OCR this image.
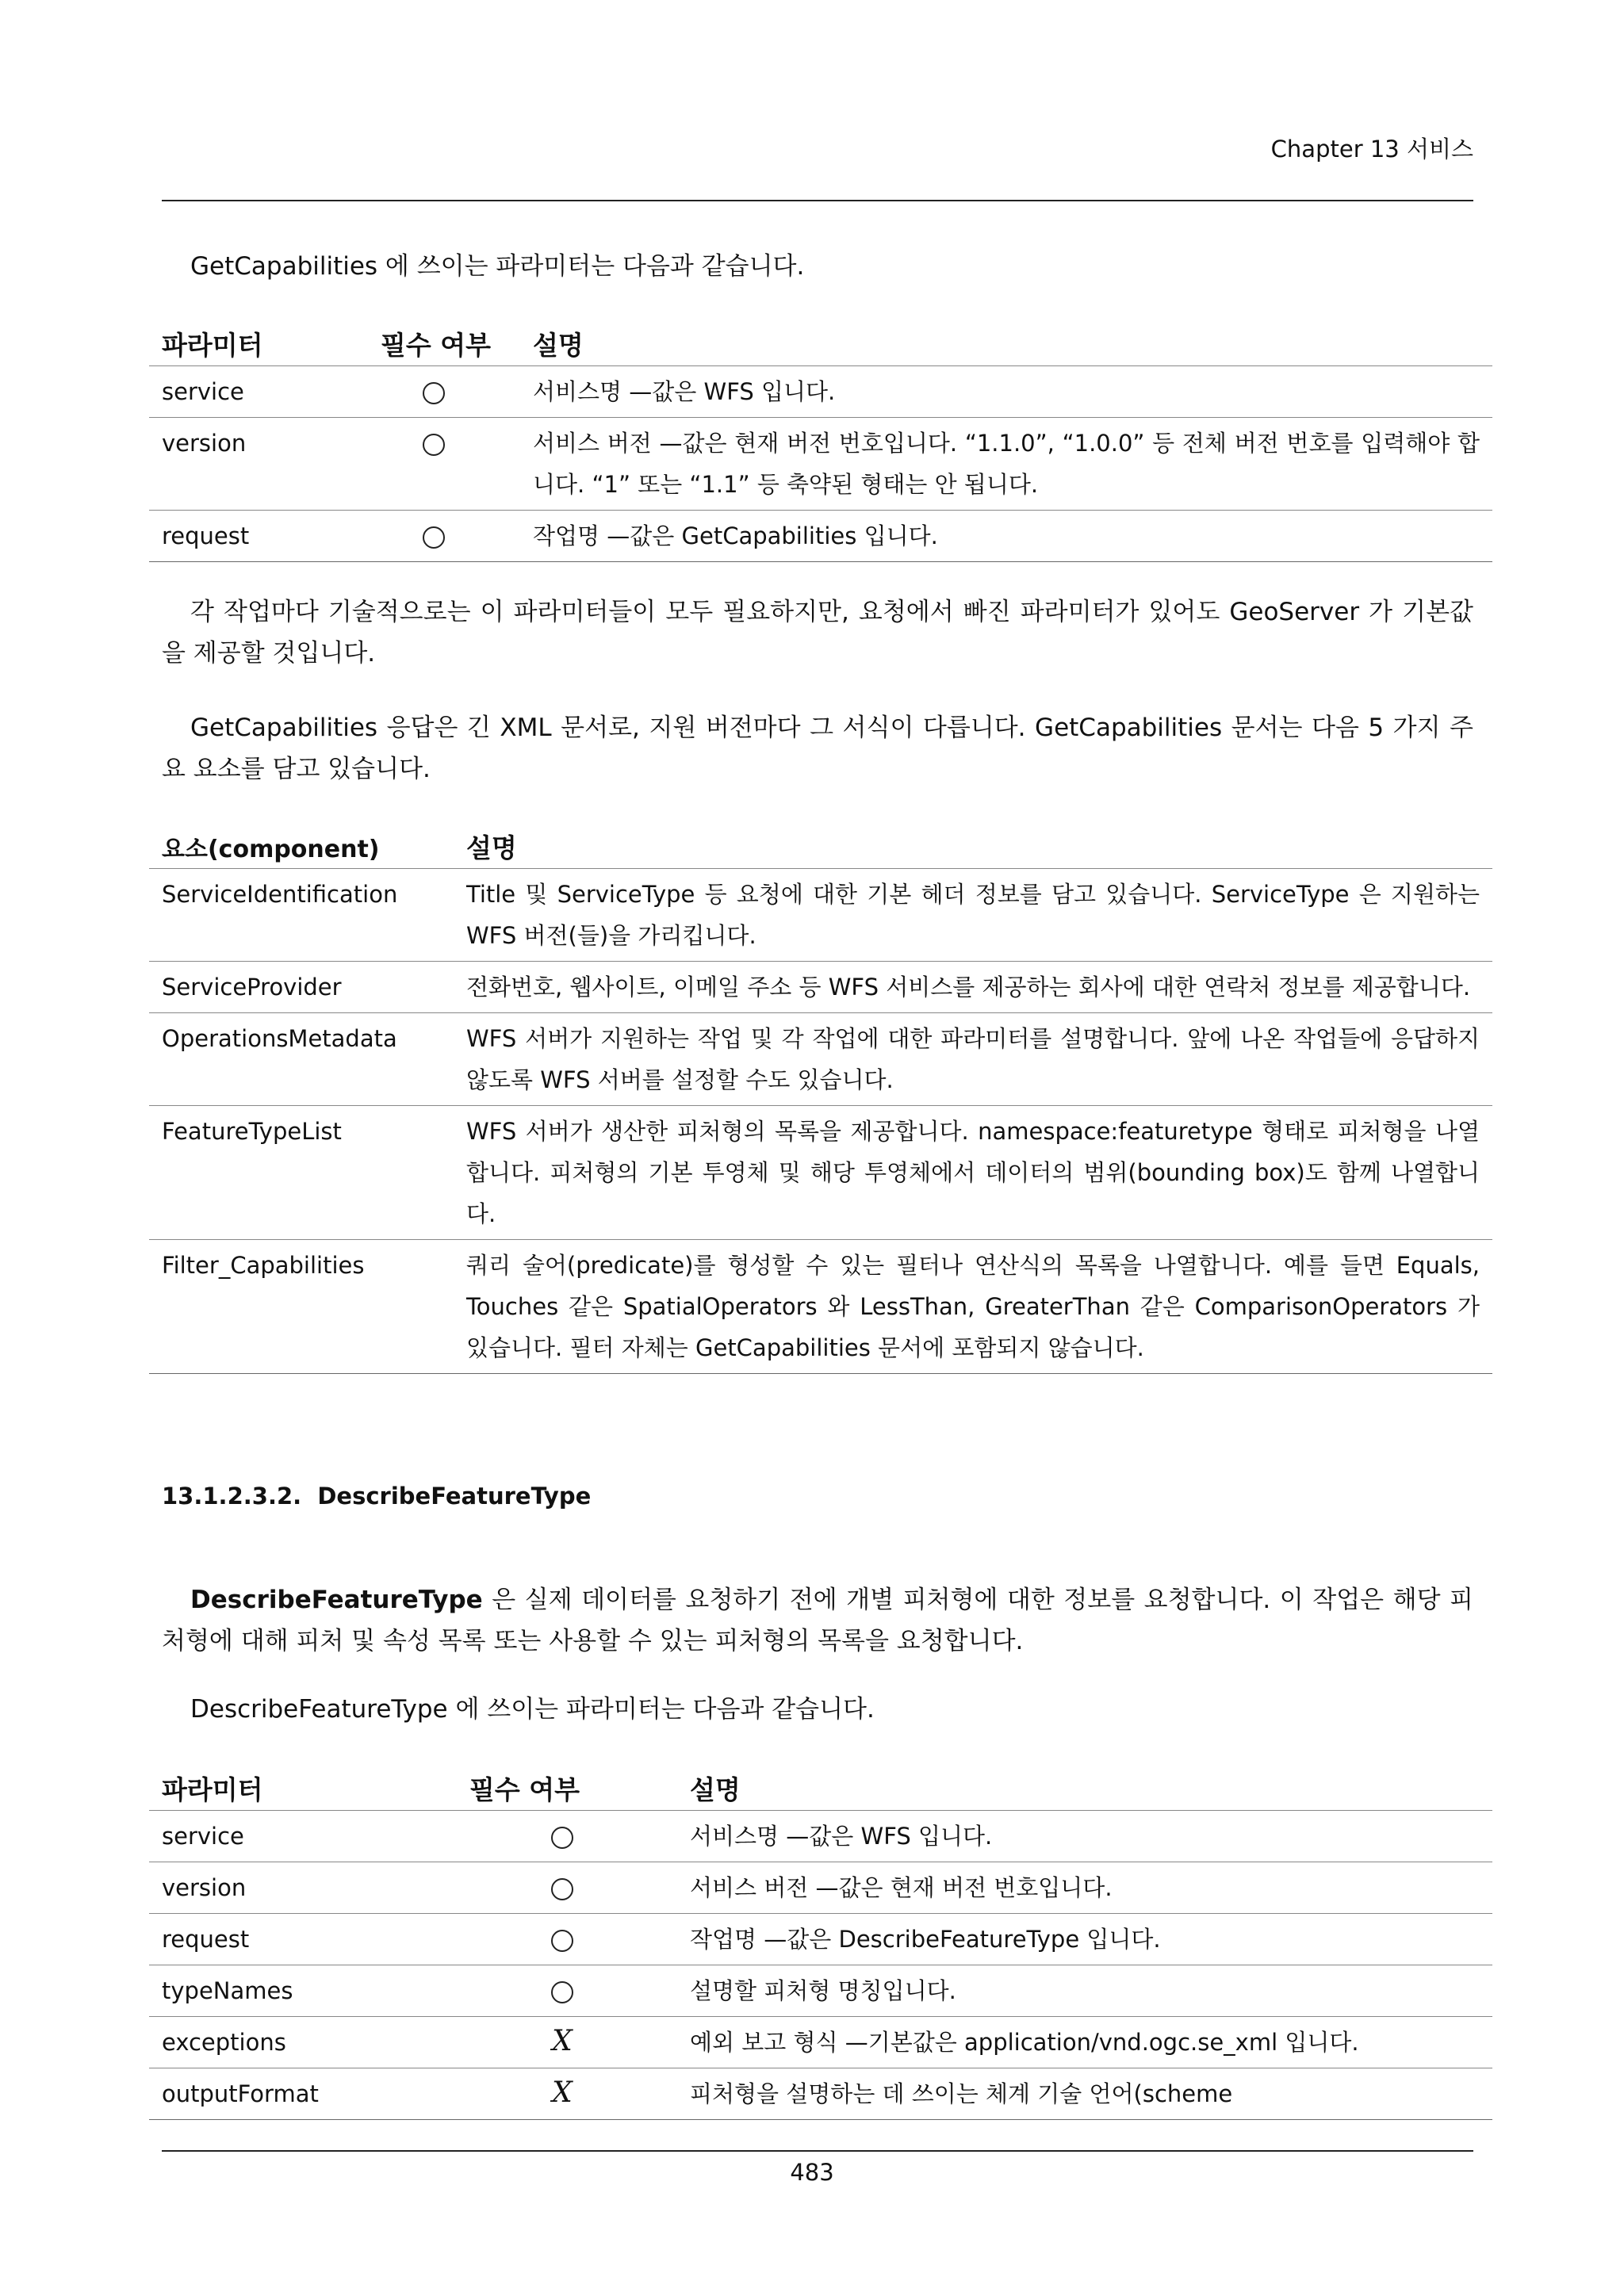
Chapter 13 서비스

GetCapabilities 에 쓰이는 파라미터는 다음과 같습니다.

파라미터	필수 여부	설명
service		서비스명 —값은 WFS 입니다.
version		서비스 버전 —값은 현재 버전 번호입니다. “1.1.0”, “1.0.0” 등 전체 버전 번호를 입력해야 합니다. “1” 또는 “1.1” 등 축약된 형태는 안 됩니다.
request		작업명 —값은 GetCapabilities 입니다.

각 작업마다 기술적으로는 이 파라미터들이 모두 필요하지만, 요청에서 빠진 파라미터가 있어도 GeoServer 가 기본값을 제공할 것입니다.

GetCapabilities 응답은 긴 XML 문서로, 지원 버전마다 그 서식이 다릅니다. GetCapabilities 문서는 다음 5 가지 주요 요소를 담고 있습니다.

요소(component)	설명
ServiceIdentification	Title 및 ServiceType 등 요청에 대한 기본 헤더 정보를 담고 있습니다. ServiceType 은 지원하는 WFS 버전(들)을 가리킵니다.
ServiceProvider	전화번호, 웹사이트, 이메일 주소 등 WFS 서비스를 제공하는 회사에 대한 연락처 정보를 제공합니다.
OperationsMetadata	WFS 서버가 지원하는 작업 및 각 작업에 대한 파라미터를 설명합니다. 앞에 나온 작업들에 응답하지 않도록 WFS 서버를 설정할 수도 있습니다.
FeatureTypeList	WFS 서버가 생산한 피처형의 목록을 제공합니다. namespace:featuretype 형태로 피처형을 나열합니다. 피처형의 기본 투영체 및 해당 투영체에서 데이터의 범위(bounding box)도 함께 나열합니다.
Filter_Capabilities	쿼리 술어(predicate)를 형성할 수 있는 필터나 연산식의 목록을 나열합니다. 예를 들면 Equals, Touches 같은 SpatialOperators 와 LessThan, GreaterThan 같은 ComparisonOperators 가 있습니다. 필터 자체는 GetCapabilities 문서에 포함되지 않습니다.
13.1.2.3.2. DescribeFeatureType

DescribeFeatureType 은 실제 데이터를 요청하기 전에 개별 피처형에 대한 정보를 요청합니다. 이 작업은 해당 피처형에 대해 피처 및 속성 목록 또는 사용할 수 있는 피처형의 목록을 요청합니다.

DescribeFeatureType 에 쓰이는 파라미터는 다음과 같습니다.

파라미터	필수 여부	설명
service		서비스명 —값은 WFS 입니다.
version		서비스 버전 —값은 현재 버전 번호입니다.
request		작업명 —값은 DescribeFeatureType 입니다.
typeNames		설명할 피처형 명칭입니다.
exceptions	X	예외 보고 형식 —기본값은 application/vnd.ogc.se_xml 입니다.
outputFormat	X	피처형을 설명하는 데 쓰이는 체계 기술 언어(scheme
483
